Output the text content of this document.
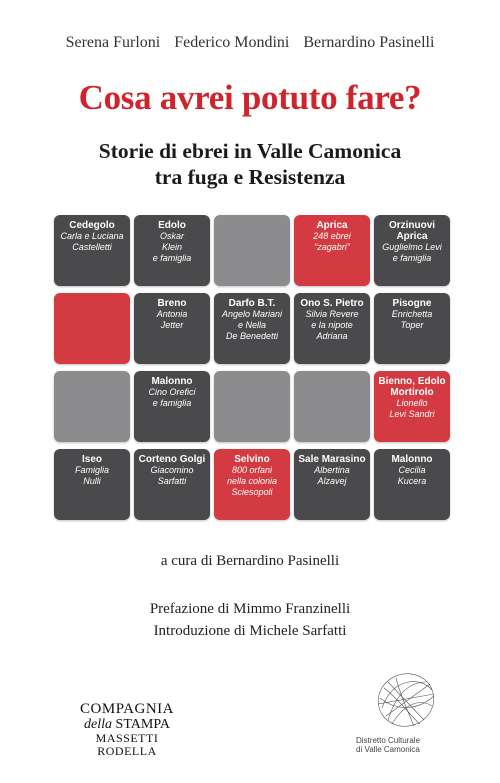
Serena Furloni Federico Mondini Bernardino Pasinelli
Cosa avrei potuto fare?
Storie di ebrei in Valle Camonica
tra fuga e Resistenza
Cedegolo
Carla e Luciana
Castelletti
Edolo
Oskar
Klein
e famiglia
Aprica
248 ebrei
“zagabri”
Orzinuovi
Aprica
Guglielmo Levi
e famiglia
Breno
Antonia
Jetter
Darfo B.T.
Angelo Mariani
e Nella
De Benedetti
Ono S. Pietro
Silvia Revere
e la nipote
Adriana
Pisogne
Enrichetta
Toper
Malonno
Cino Orefici
e famiglia
Bienno, Edolo
Mortirolo
Lionello
Levi Sandri
Iseo
Famiglia
Nulli
Corteno Golgi
Giacomino
Sarfatti
Selvino
800 orfani
nella colonia
Sciesopoli
Sale Marasino
Albertina
Alzavej
Malonno
Cecilia
Kucera
a cura di Bernardino Pasinelli
Prefazione di Mimmo Franzinelli
Introduzione di Michele Sarfatti
COMPAGNIA
della STAMPA
MASSETTI RODELLA
Distretto Culturale
di Valle Camonica
